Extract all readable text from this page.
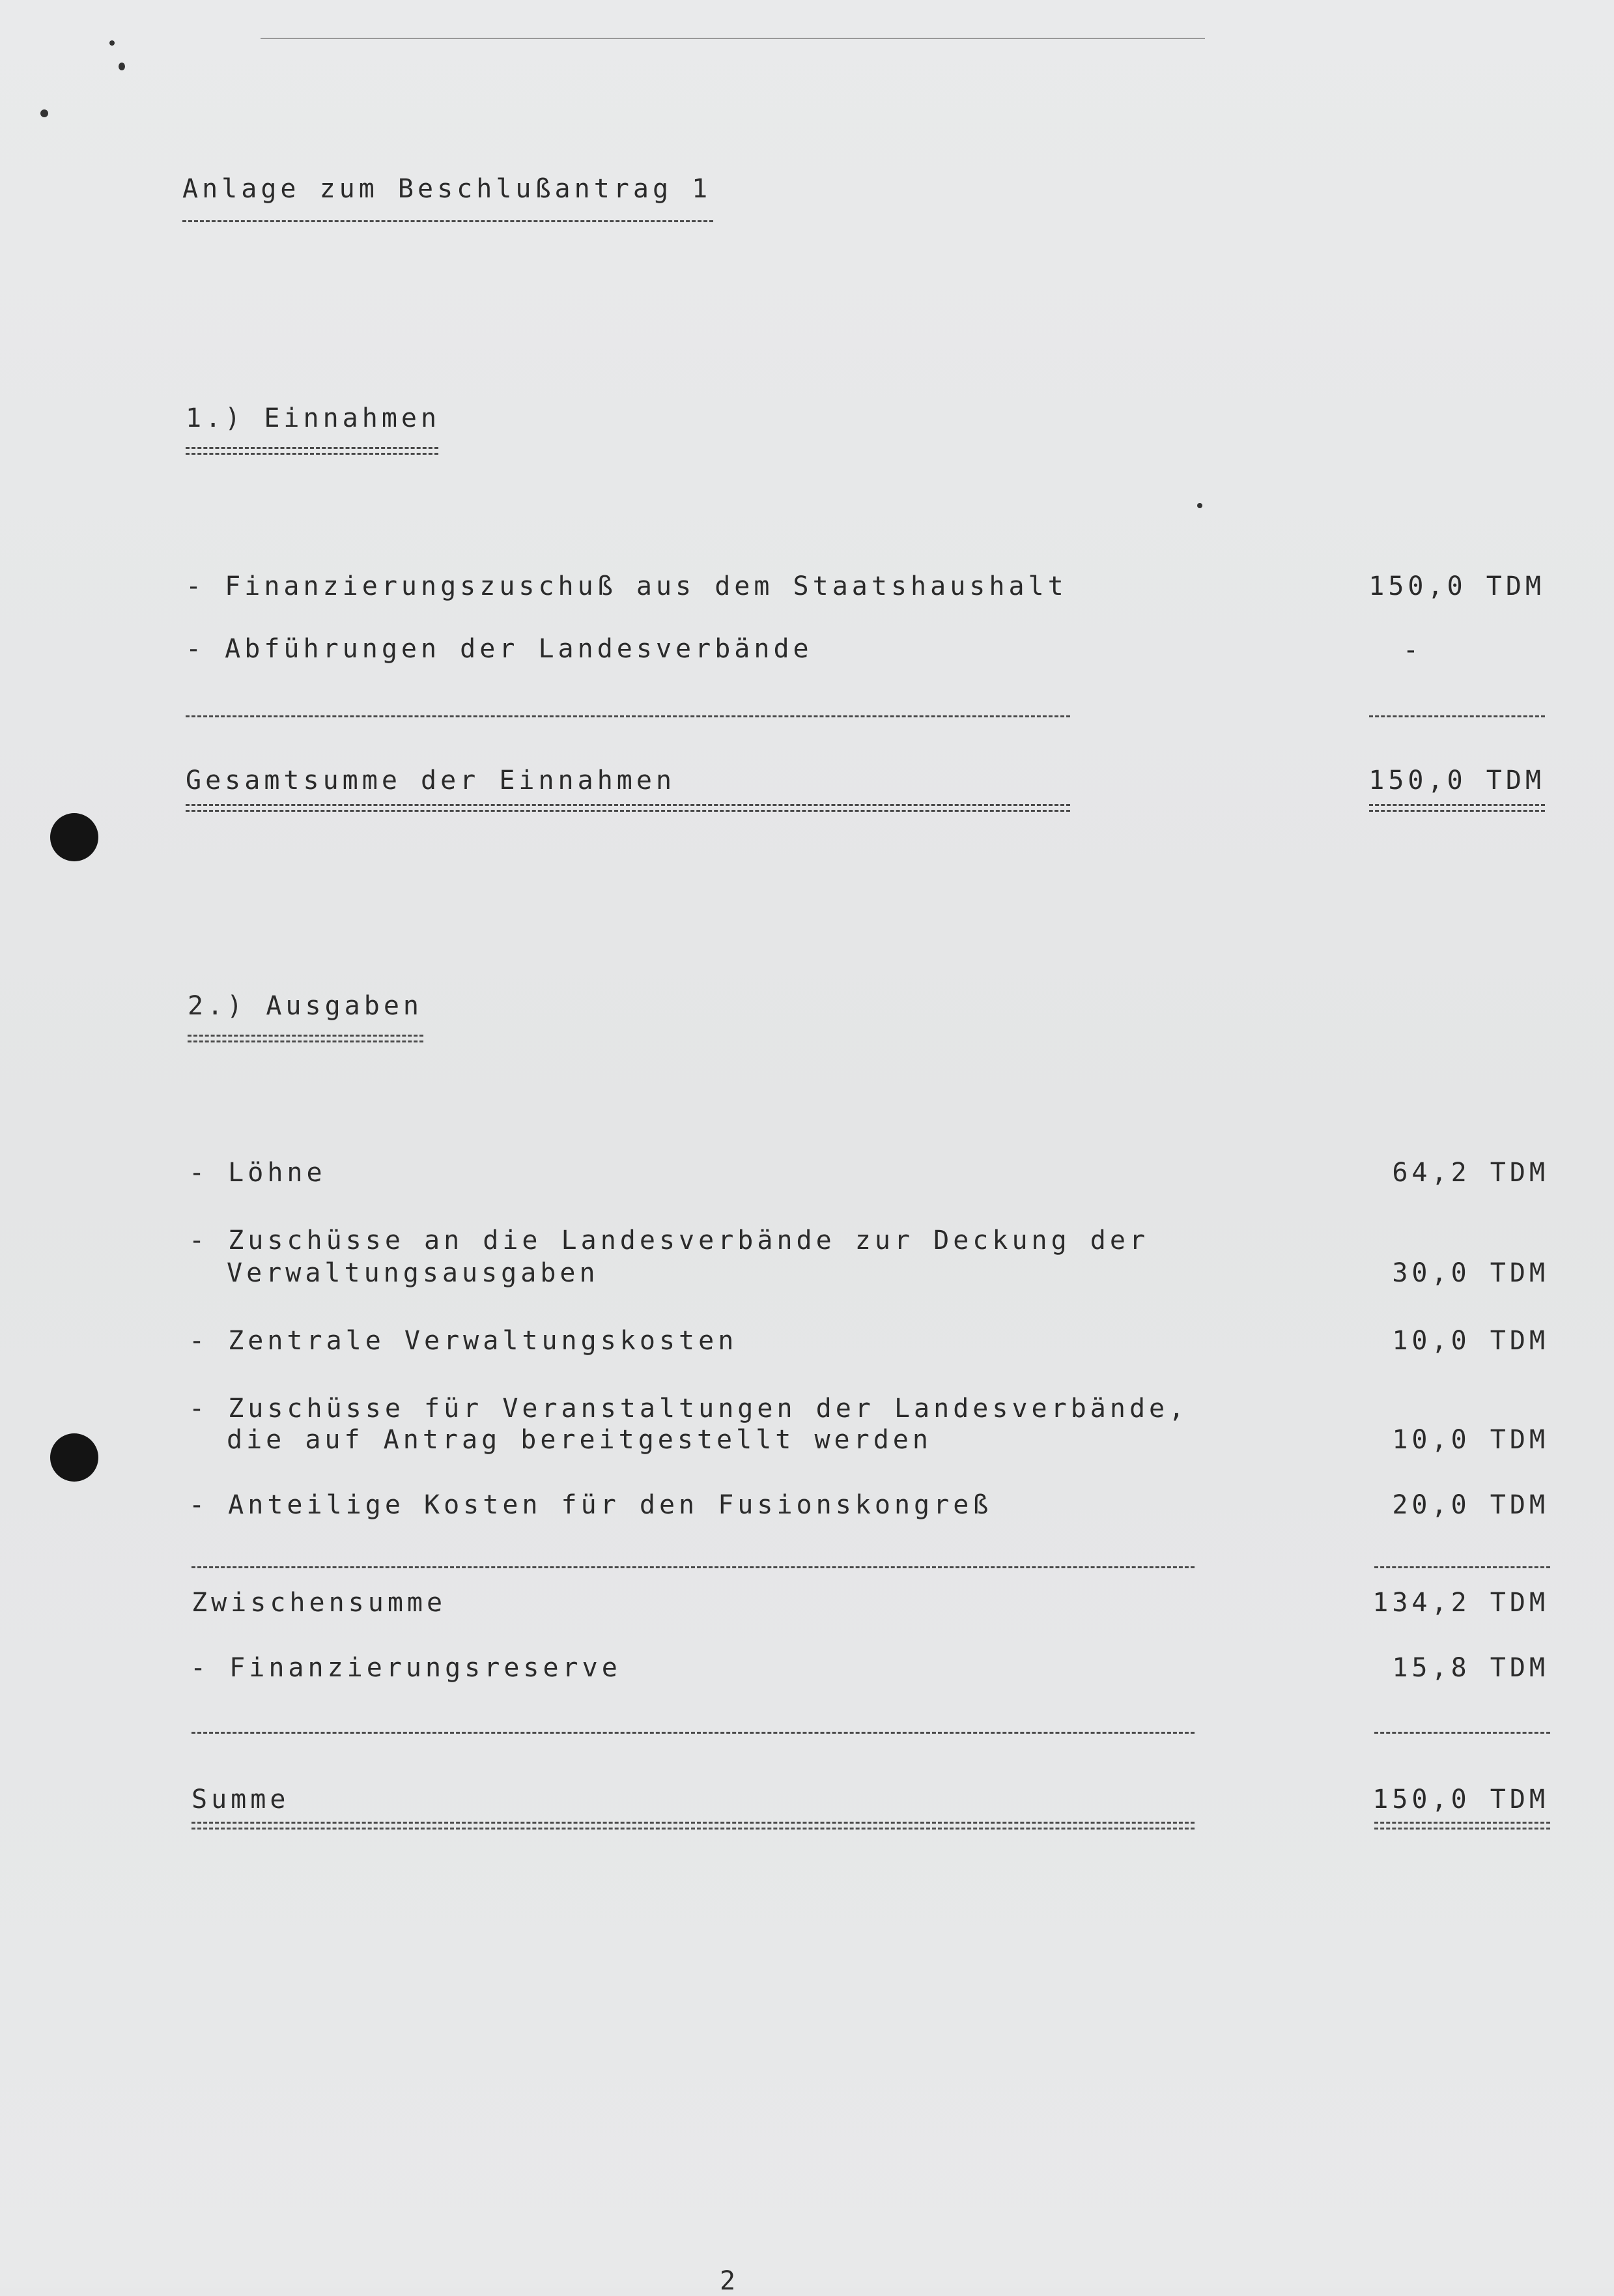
Anlage zum Beschlußantrag 1
1.) Einnahmen
- Finanzierungszuschuß aus dem Staatshaushalt	150,0 TDM
- Abführungen der Landesverbände	-
Gesamtsumme der Einnahmen	150,0 TDM
2.) Ausgaben
- Löhne	64,2 TDM
- Zuschüsse an die Landesverbände zur Deckung der
Verwaltungsausgaben	30,0 TDM
- Zentrale Verwaltungskosten	10,0 TDM
- Zuschüsse für Veranstaltungen der Landesverbände,
die auf Antrag bereitgestellt werden	10,0 TDM
- Anteilige Kosten für den Fusionskongreß	20,0 TDM
Zwischensumme	134,2 TDM
- Finanzierungsreserve	15,8 TDM
Summe	150,0 TDM
2
